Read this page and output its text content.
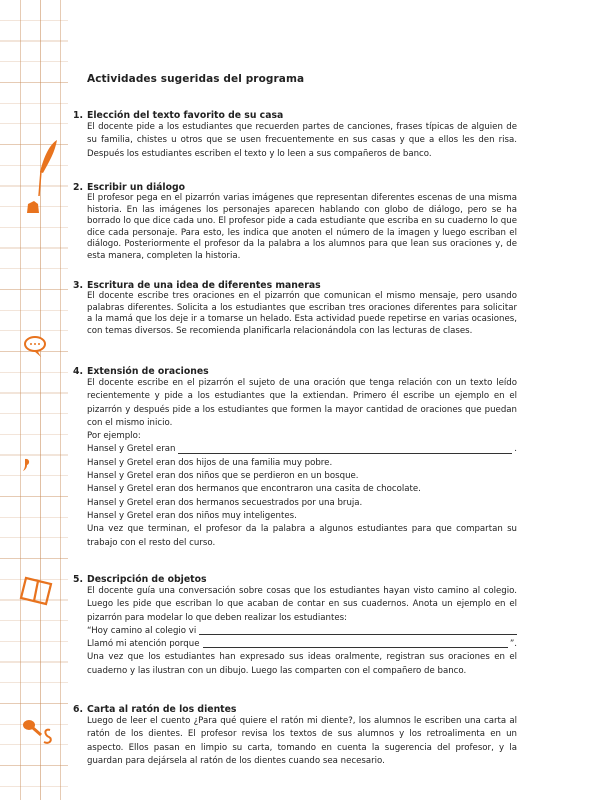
Actividades sugeridas del programa
1. Elección del texto favorito de su casa

El docente pide a los estudiantes que recuerden partes de canciones, frases típicas de alguien de su familia, chistes u otros que se usen frecuentemente en sus casas y que a ellos les den risa. Después los estudiantes escriben el texto y lo leen a sus compañeros de banco.

2. Escribir un diálogo

El profesor pega en el pizarrón varias imágenes que representan diferentes escenas de una misma historia. En las imágenes los personajes aparecen hablando con globo de diálogo, pero se ha borrado lo que dice cada uno. El profesor pide a cada estudiante que escriba en su cuaderno lo que dice cada personaje. Para esto, les indica que anoten el número de la imagen y luego escriban el diálogo. Posteriormente el profesor da la palabra a los alumnos para que lean sus oraciones y, de esta manera, completen la historia.

3. Escritura de una idea de diferentes maneras

El docente escribe tres oraciones en el pizarrón que comunican el mismo mensaje, pero usando palabras diferentes. Solicita a los estudiantes que escriban tres oraciones diferentes para solicitar a la mamá que los deje ir a tomarse un helado. Esta actividad puede repetirse en varias ocasiones, con temas diversos. Se recomienda planificarla relacionándola con las lecturas de clases.

4. Extensión de oraciones

El docente escribe en el pizarrón el sujeto de una oración que tenga relación con un texto leído recientemente y pide a los estudiantes que la extiendan. Primero él escribe un ejemplo en el pizarrón y después pide a los estudiantes que formen la mayor cantidad de oraciones que puedan con el mismo inicio.

Por ejemplo:

Hansel y Gretel eran	.

Hansel y Gretel eran dos hijos de una familia muy pobre.

Hansel y Gretel eran dos niños que se perdieron en un bosque.

Hansel y Gretel eran dos hermanos que encontraron una casita de chocolate.

Hansel y Gretel eran dos hermanos secuestrados por una bruja.

Hansel y Gretel eran dos niños muy inteligentes.

Una vez que terminan, el profesor da la palabra a algunos estudiantes para que compartan su trabajo con el resto del curso.

5. Descripción de objetos

El docente guía una conversación sobre cosas que los estudiantes hayan visto camino al colegio. Luego les pide que escriban lo que acaban de contar en sus cuadernos. Anota un ejemplo en el pizarrón para modelar lo que deben realizar los estudiantes:

“Hoy camino al colegio vi
Llamó mi atención porque	”.

Una vez que los estudiantes han expresado sus ideas oralmente, registran sus oraciones en el cuaderno y las ilustran con un dibujo. Luego las comparten con el compañero de banco.

6. Carta al ratón de los dientes

Luego de leer el cuento ¿Para qué quiere el ratón mi diente?, los alumnos le escriben una carta al ratón de los dientes. El profesor revisa los textos de sus alumnos y los retroalimenta en un aspecto. Ellos pasan en limpio su carta, tomando en cuenta la sugerencia del profesor, y la guardan para dejársela al ratón de los dientes cuando sea necesario.
